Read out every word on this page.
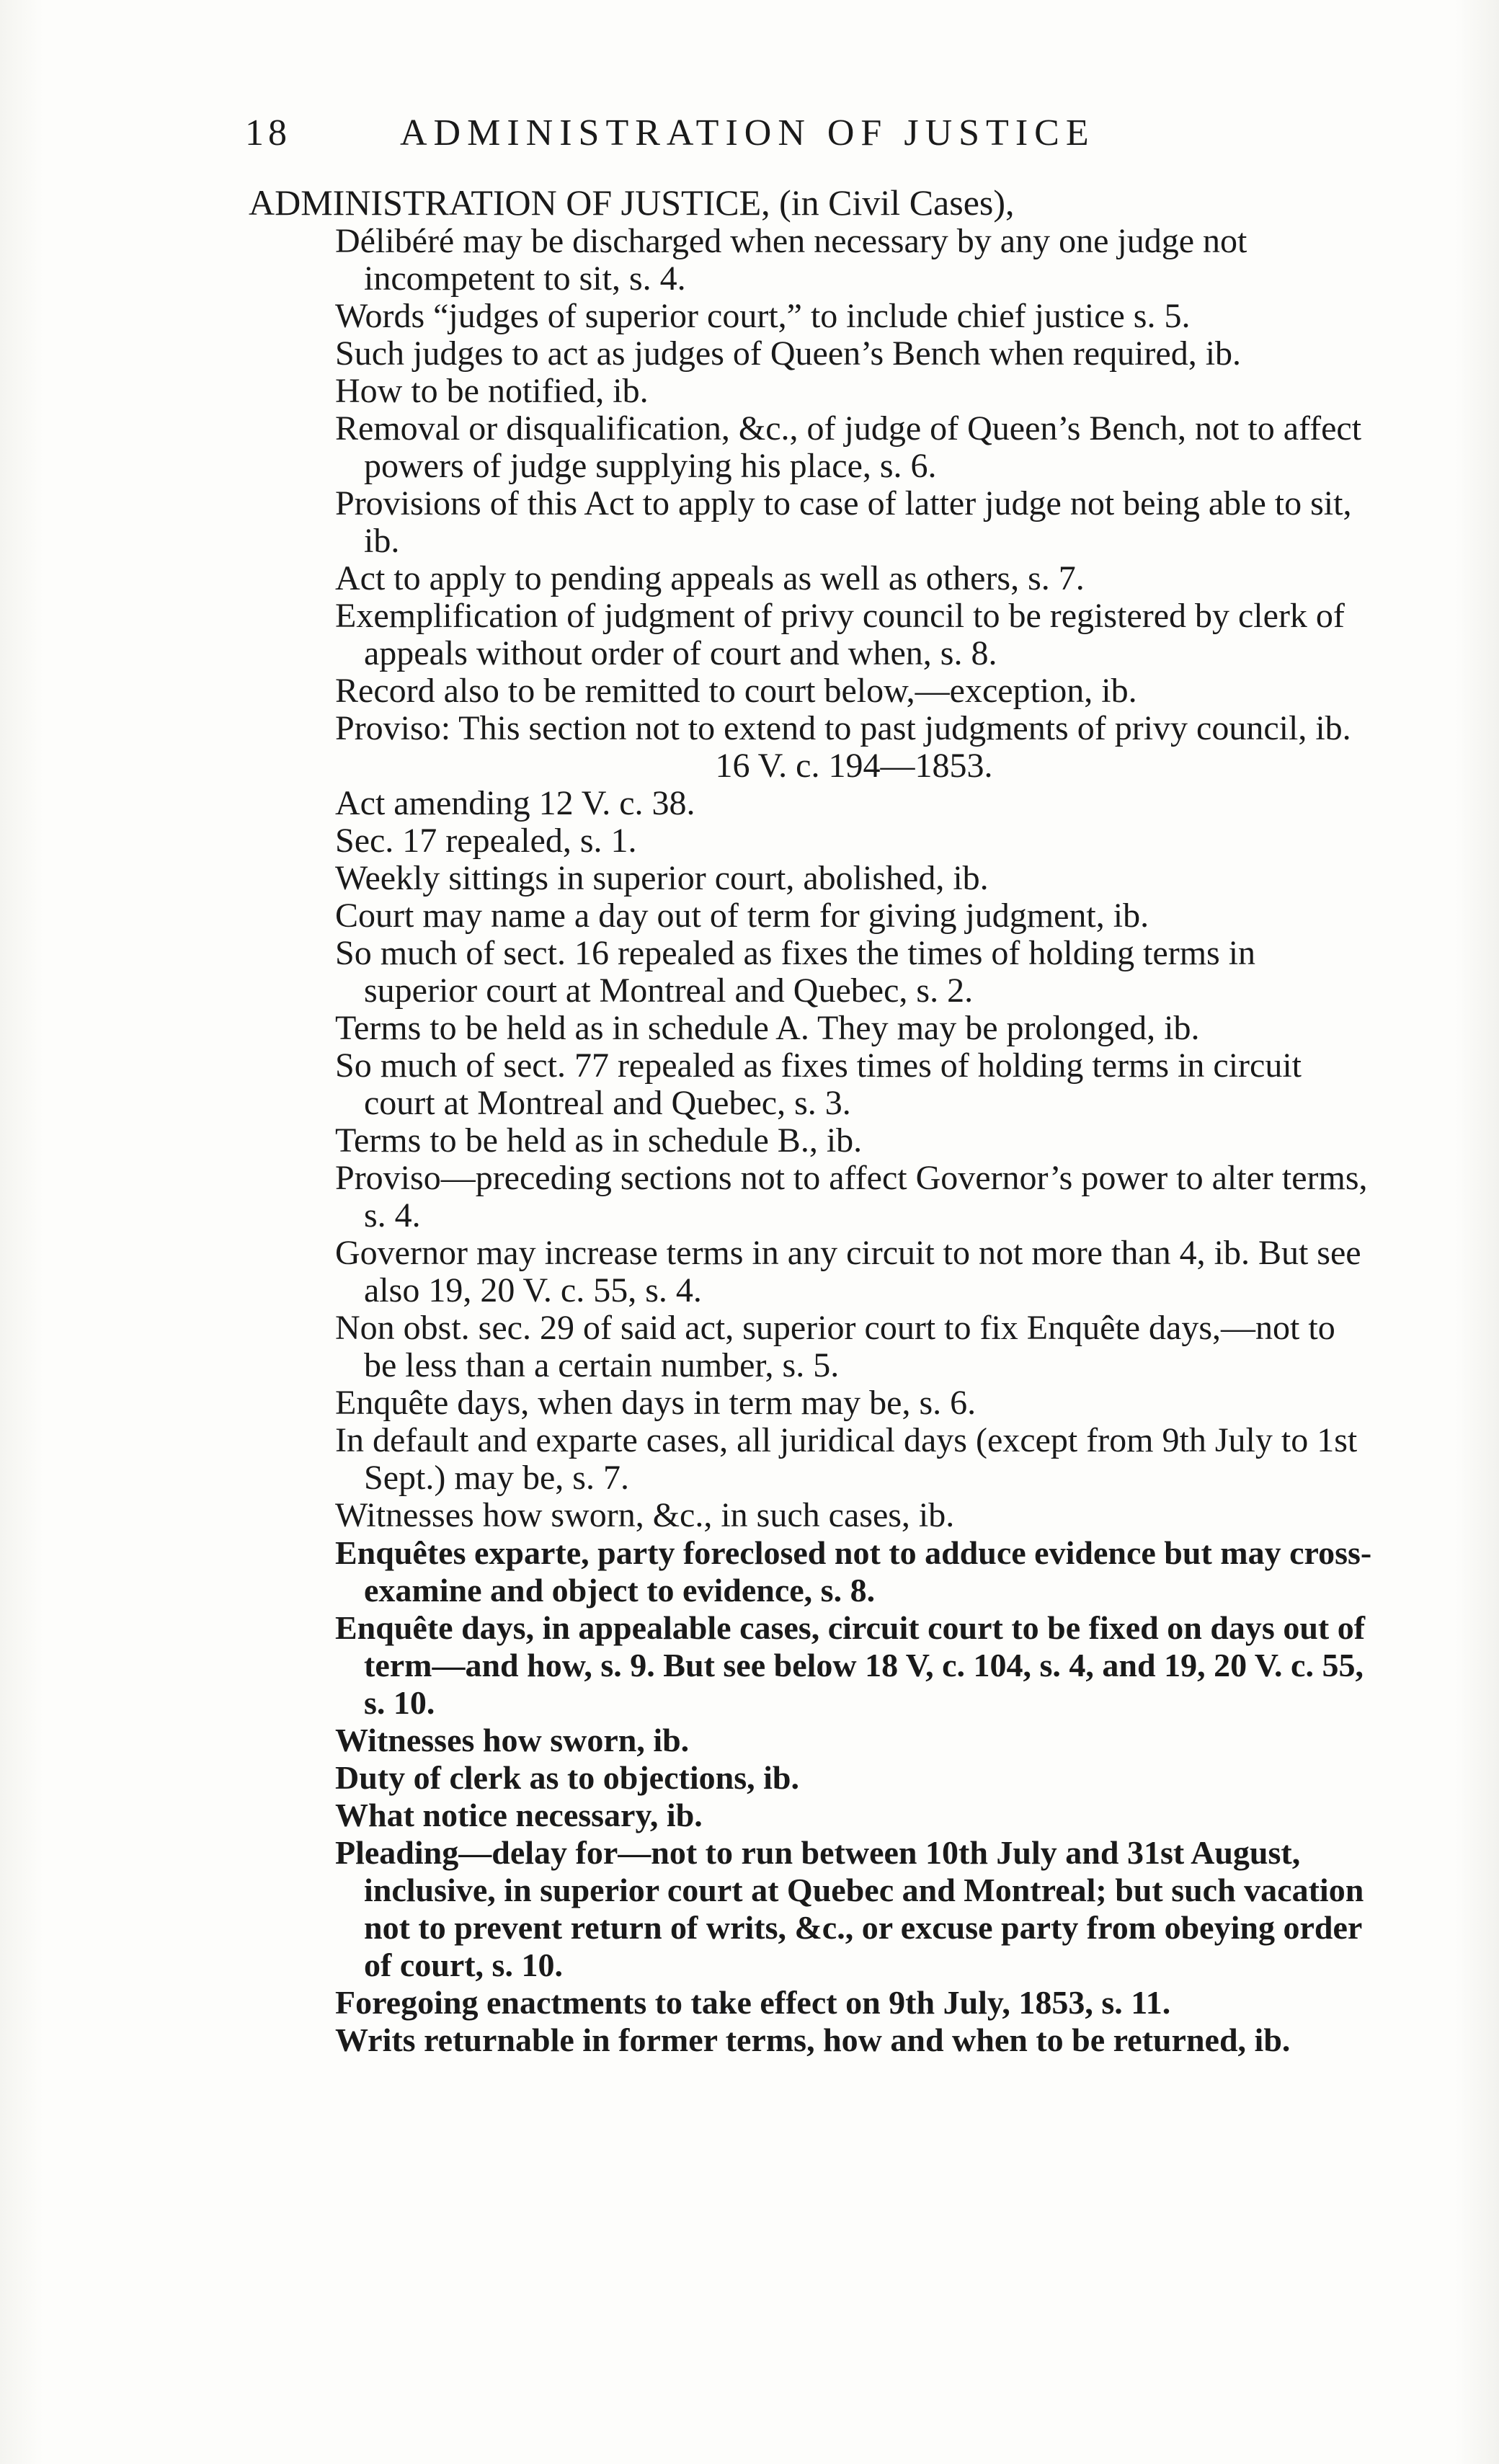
18	ADMINISTRATION OF JUSTICE

ADMINISTRATION OF JUSTICE, (in Civil Cases),

Délibéré may be discharged when necessary by any one judge not incompetent to sit, s. 4.

Words “judges of superior court,” to include chief justice s. 5.

Such judges to act as judges of Queen’s Bench when required, ib.

How to be notified, ib.

Removal or disqualification, &c., of judge of Queen’s Bench, not to affect powers of judge supplying his place, s. 6.

Provisions of this Act to apply to case of latter judge not being able to sit, ib.

Act to apply to pending appeals as well as others, s. 7.

Exemplification of judgment of privy council to be registered by clerk of appeals without order of court and when, s. 8.

Record also to be remitted to court below,—exception, ib.

Proviso: This section not to extend to past judgments of privy council, ib.

16 V. c. 194—1853.

Act amending 12 V. c. 38.

Sec. 17 repealed, s. 1.

Weekly sittings in superior court, abolished, ib.

Court may name a day out of term for giving judgment, ib.

So much of sect. 16 repealed as fixes the times of holding terms in superior court at Montreal and Quebec, s. 2.

Terms to be held as in schedule A. They may be prolonged, ib.

So much of sect. 77 repealed as fixes times of holding terms in circuit court at Montreal and Quebec, s. 3.

Terms to be held as in schedule B., ib.

Proviso—preceding sections not to affect Governor’s power to alter terms, s. 4.

Governor may increase terms in any circuit to not more than 4, ib. But see also 19, 20 V. c. 55, s. 4.

Non obst. sec. 29 of said act, superior court to fix Enquête days,—not to be less than a certain number, s. 5.

Enquête days, when days in term may be, s. 6.

In default and exparte cases, all juridical days (except from 9th July to 1st Sept.) may be, s. 7.

Witnesses how sworn, &c., in such cases, ib.

Enquêtes exparte, party foreclosed not to adduce evidence but may cross-examine and object to evidence, s. 8.

Enquête days, in appealable cases, circuit court to be fixed on days out of term—and how, s. 9. But see below 18 V, c. 104, s. 4, and 19, 20 V. c. 55, s. 10.

Witnesses how sworn, ib.

Duty of clerk as to objections, ib.

What notice necessary, ib.

Pleading—delay for—not to run between 10th July and 31st August, inclusive, in superior court at Quebec and Montreal; but such vacation not to prevent return of writs, &c., or excuse party from obeying order of court, s. 10.

Foregoing enactments to take effect on 9th July, 1853, s. 11.

Writs returnable in former terms, how and when to be returned, ib.
